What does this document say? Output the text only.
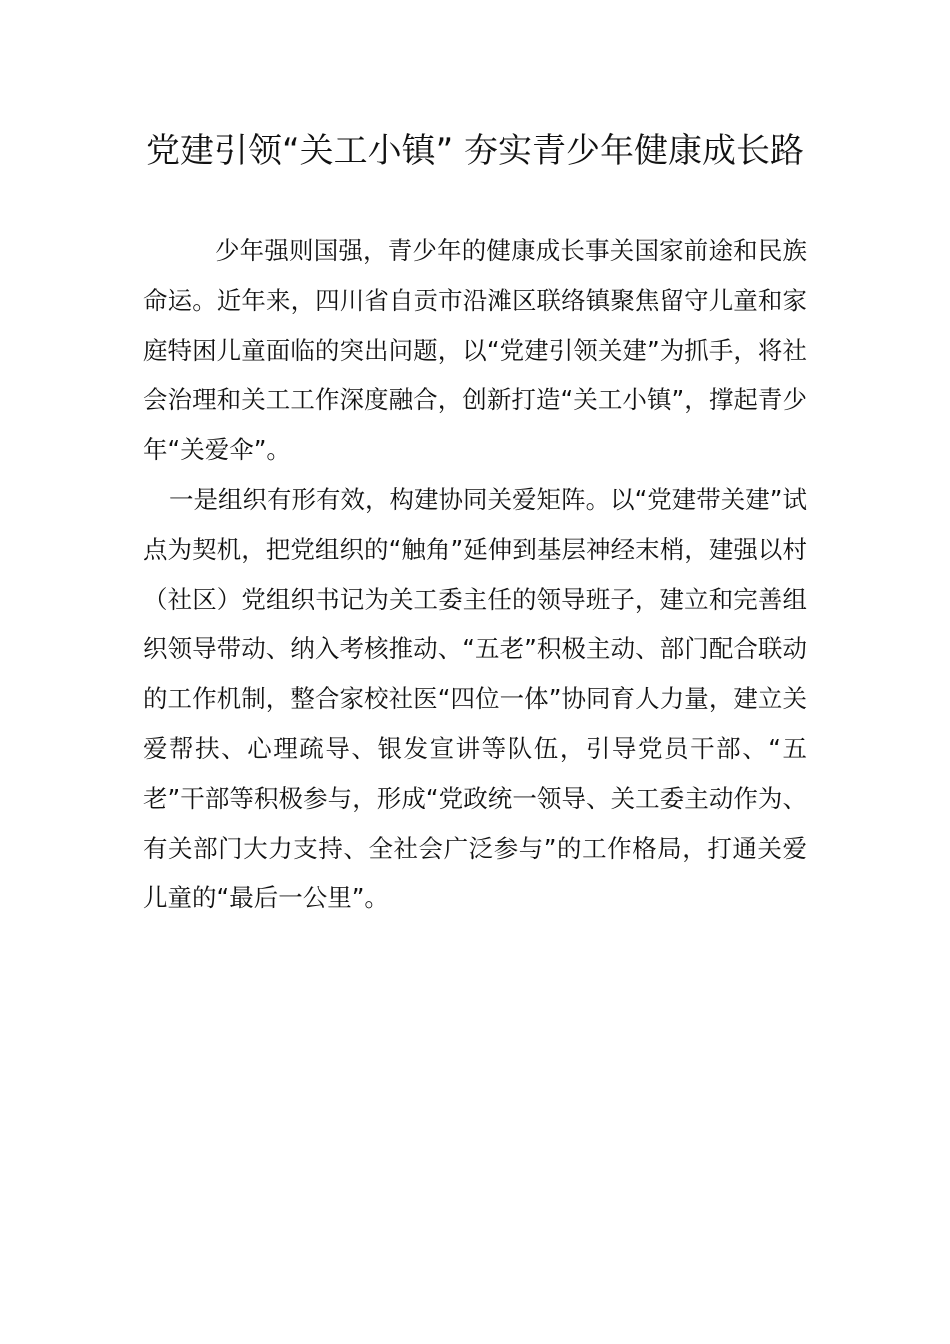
党建引领“关工小镇” 夯实青少年健康成长路

少年强则国强，青少年的健康成长事关国家前途和民族命运。近年来，四川省自贡市沿滩区联络镇聚焦留守儿童和家庭特困儿童面临的突出问题，以“党建引领关建”为抓手，将社会治理和关工工作深度融合，创新打造“关工小镇”，撑起青少年“关爱伞”。

一是组织有形有效，构建协同关爱矩阵。以“党建带关建”试点为契机，把党组织的“触角”延伸到基层神经末梢，建强以村（社区）党组织书记为关工委主任的领导班子，建立和完善组织领导带动、纳入考核推动、“五老”积极主动、部门配合联动的工作机制，整合家校社医“四位一体”协同育人力量，建立关爱帮扶、心理疏导、银发宣讲等队伍，引导党员干部、“五老”干部等积极参与，形成“党政统一领导、关工委主动作为、有关部门大力支持、全社会广泛参与”的工作格局，打通关爱儿童的“最后一公里”。
